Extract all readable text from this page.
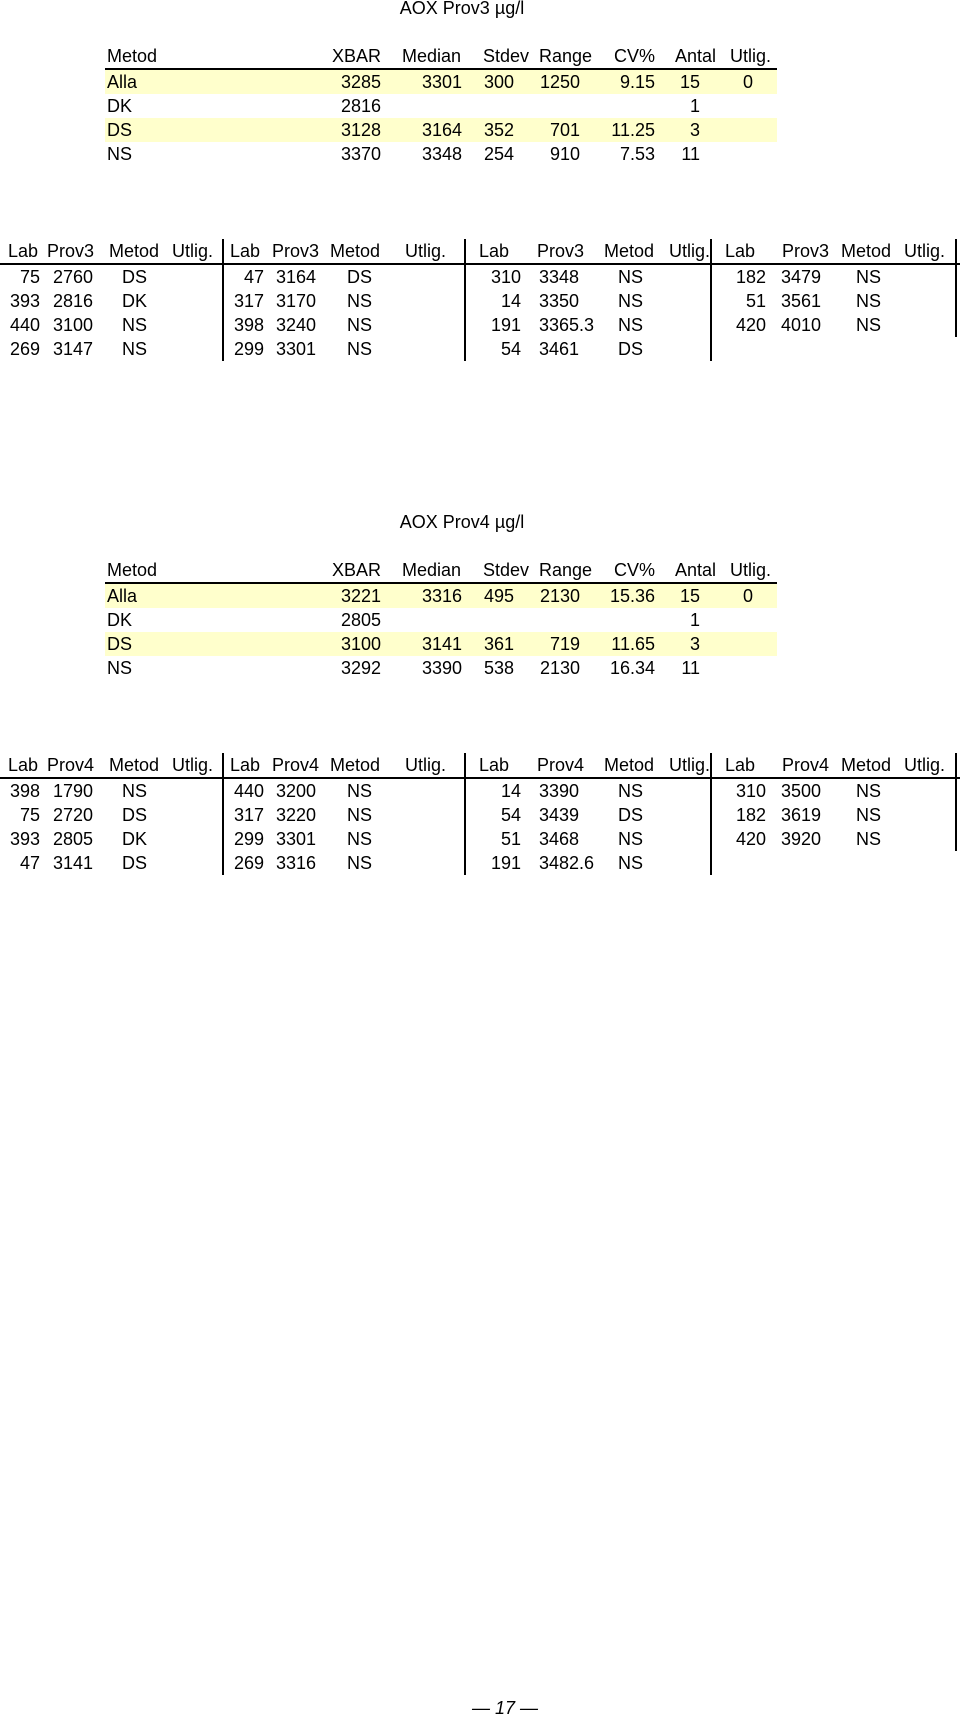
AOX Prov3 µg/l
Metod	XBAR Median Stdev Range CV% Antal Utlig.
Alla	3285 3301 300 1250 9.15 15 0
DK	2816	1
DS	3128 3164 352 701 11.25 3
NS	3370 3348 254 910 7.53 11
Lab Prov3 Metod Utlig. Lab Prov3 Metod Utlig. Lab Prov3 Metod Utlig. Lab Prov3 Metod Utlig.
75 2760 DS	47 3164 DS	310 3348 NS	182 3479 NS
393 2816 DK	317 3170 NS	14 3350 NS	51 3561 NS
440 3100 NS	398 3240 NS	191 3365.3 NS	420 4010 NS
269 3147 NS	299 3301 NS	54 3461 DS
AOX Prov4 µg/l
Metod	XBAR Median Stdev Range CV% Antal Utlig.
Alla	3221 3316 495 2130 15.36 15 0
DK	2805	1
DS	3100 3141 361 719 11.65 3
NS	3292 3390 538 2130 16.34 11
Lab Prov4 Metod Utlig. Lab Prov4 Metod Utlig. Lab Prov4 Metod Utlig. Lab Prov4 Metod Utlig.
398 1790 NS	440 3200 NS	14 3390 NS	310 3500 NS
75 2720 DS	317 3220 NS	54 3439 DS	182 3619 NS
393 2805 DK	299 3301 NS	51 3468 NS	420 3920 NS
47 3141 DS	269 3316 NS	191 3482.6 NS
— 17 —
